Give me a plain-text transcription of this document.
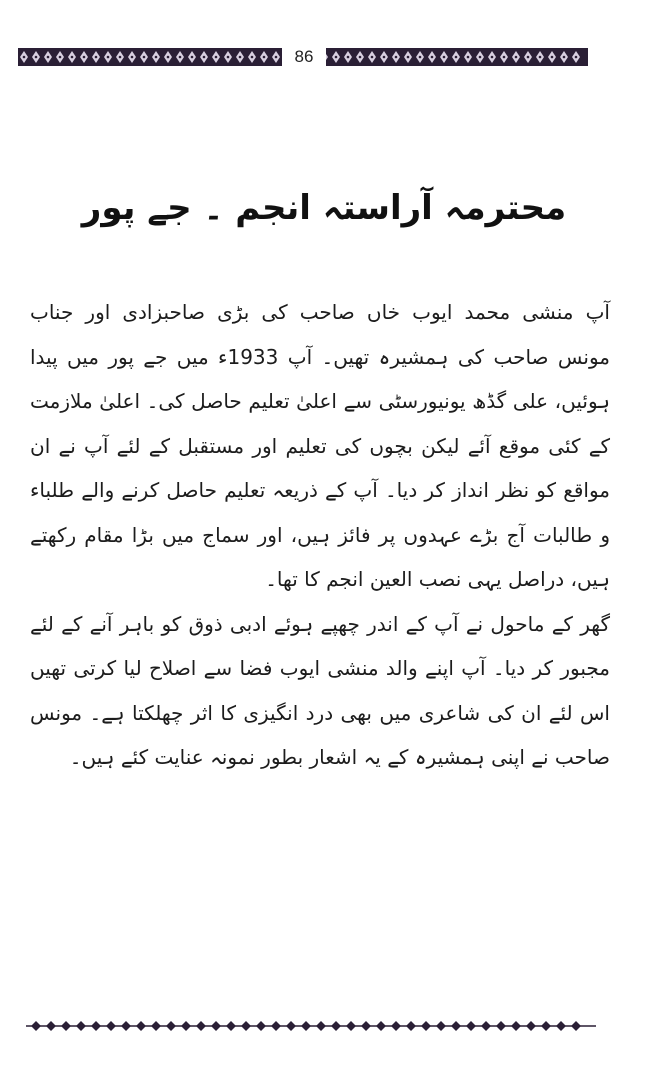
86
محترمہ آراستہ انجم ۔ جے پور

آپ منشی محمد ایوب خاں صاحب کی بڑی صاحبزادی اور جناب مونس صاحب کی ہمشیرہ تھیں۔ آپ 1933ء میں جے پور میں پیدا ہوئیں، علی گڈھ یونیورسٹی سے اعلیٰ تعلیم حاصل کی۔ اعلیٰ ملازمت کے کئی موقع آئے لیکن بچوں کی تعلیم اور مستقبل کے لئے آپ نے ان مواقع کو نظر انداز کر دیا۔ آپ کے ذریعہ تعلیم حاصل کرنے والے طلباء و طالبات آج بڑے عہدوں پر فائز ہیں، اور سماج میں بڑا مقام رکھتے ہیں، دراصل یہی نصب العین انجم کا تھا۔

گھر کے ماحول نے آپ کے اندر چھپے ہوئے ادبی ذوق کو باہر آنے کے لئے مجبور کر دیا۔ آپ اپنے والد منشی ایوب فضا سے اصلاح لیا کرتی تھیں اس لئے ان کی شاعری میں بھی درد انگیزی کا اثر چھلکتا ہے۔ مونس صاحب نے اپنی ہمشیرہ کے یہ اشعار بطور نمونہ عنایت کئے ہیں۔
